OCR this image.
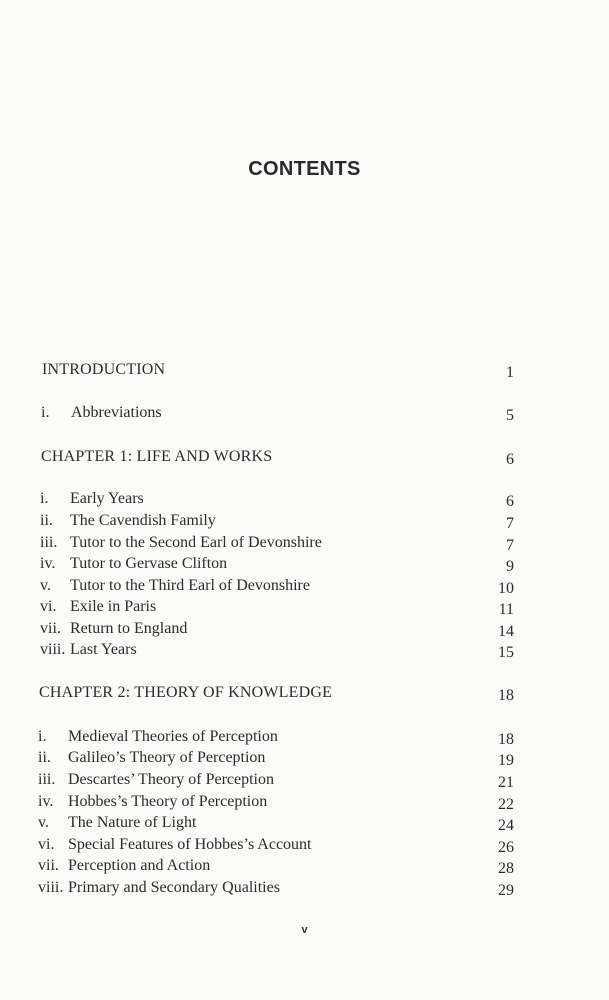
CONTENTS
INTRODUCTION	1
i. Abbreviations	5
CHAPTER 1: LIFE AND WORKS	6
i. Early Years	6
ii. The Cavendish Family	7
iii. Tutor to the Second Earl of Devonshire	7
iv. Tutor to Gervase Clifton	9
v. Tutor to the Third Earl of Devonshire	10
vi. Exile in Paris	11
vii. Return to England	14
viii. Last Years	15
CHAPTER 2: THEORY OF KNOWLEDGE	18
i. Medieval Theories of Perception	18
ii. Galileo’s Theory of Perception	19
iii. Descartes’ Theory of Perception	21
iv. Hobbes’s Theory of Perception	22
v. The Nature of Light	24
vi. Special Features of Hobbes’s Account	26
vii. Perception and Action	28
viii. Primary and Secondary Qualities	29
v
